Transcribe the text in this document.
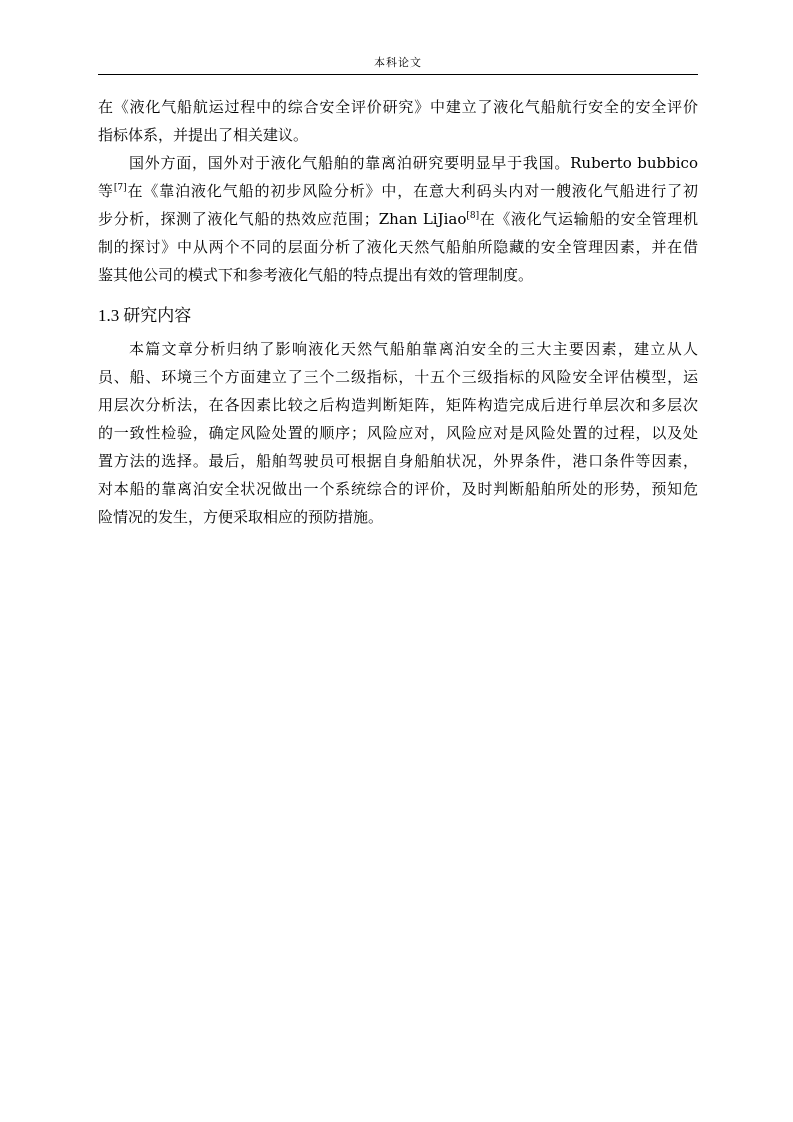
本科论文

在《液化气船航运过程中的综合安全评价研究》中建立了液化气船航行安全的安全评价
指标体系，并提出了相关建议。

国外方面，国外对于液化气船舶的靠离泊研究要明显早于我国。Ruberto bubbico
等[7]在《靠泊液化气船的初步风险分析》中，在意大利码头内对一艘液化气船进行了初
步分析，探测了液化气船的热效应范围；Zhan LiJiao[8]在《液化气运输船的安全管理机
制的探讨》中从两个不同的层面分析了液化天然气船舶所隐藏的安全管理因素，并在借
鉴其他公司的模式下和参考液化气船的特点提出有效的管理制度。

1.3 研究内容

本篇文章分析归纳了影响液化天然气船舶靠离泊安全的三大主要因素，建立从人
员、船、环境三个方面建立了三个二级指标，十五个三级指标的风险安全评估模型，运
用层次分析法，在各因素比较之后构造判断矩阵，矩阵构造完成后进行单层次和多层次
的一致性检验，确定风险处置的顺序；风险应对，风险应对是风险处置的过程，以及处
置方法的选择。最后，船舶驾驶员可根据自身船舶状况，外界条件，港口条件等因素，
对本船的靠离泊安全状况做出一个系统综合的评价，及时判断船舶所处的形势，预知危
险情况的发生，方便采取相应的预防措施。
